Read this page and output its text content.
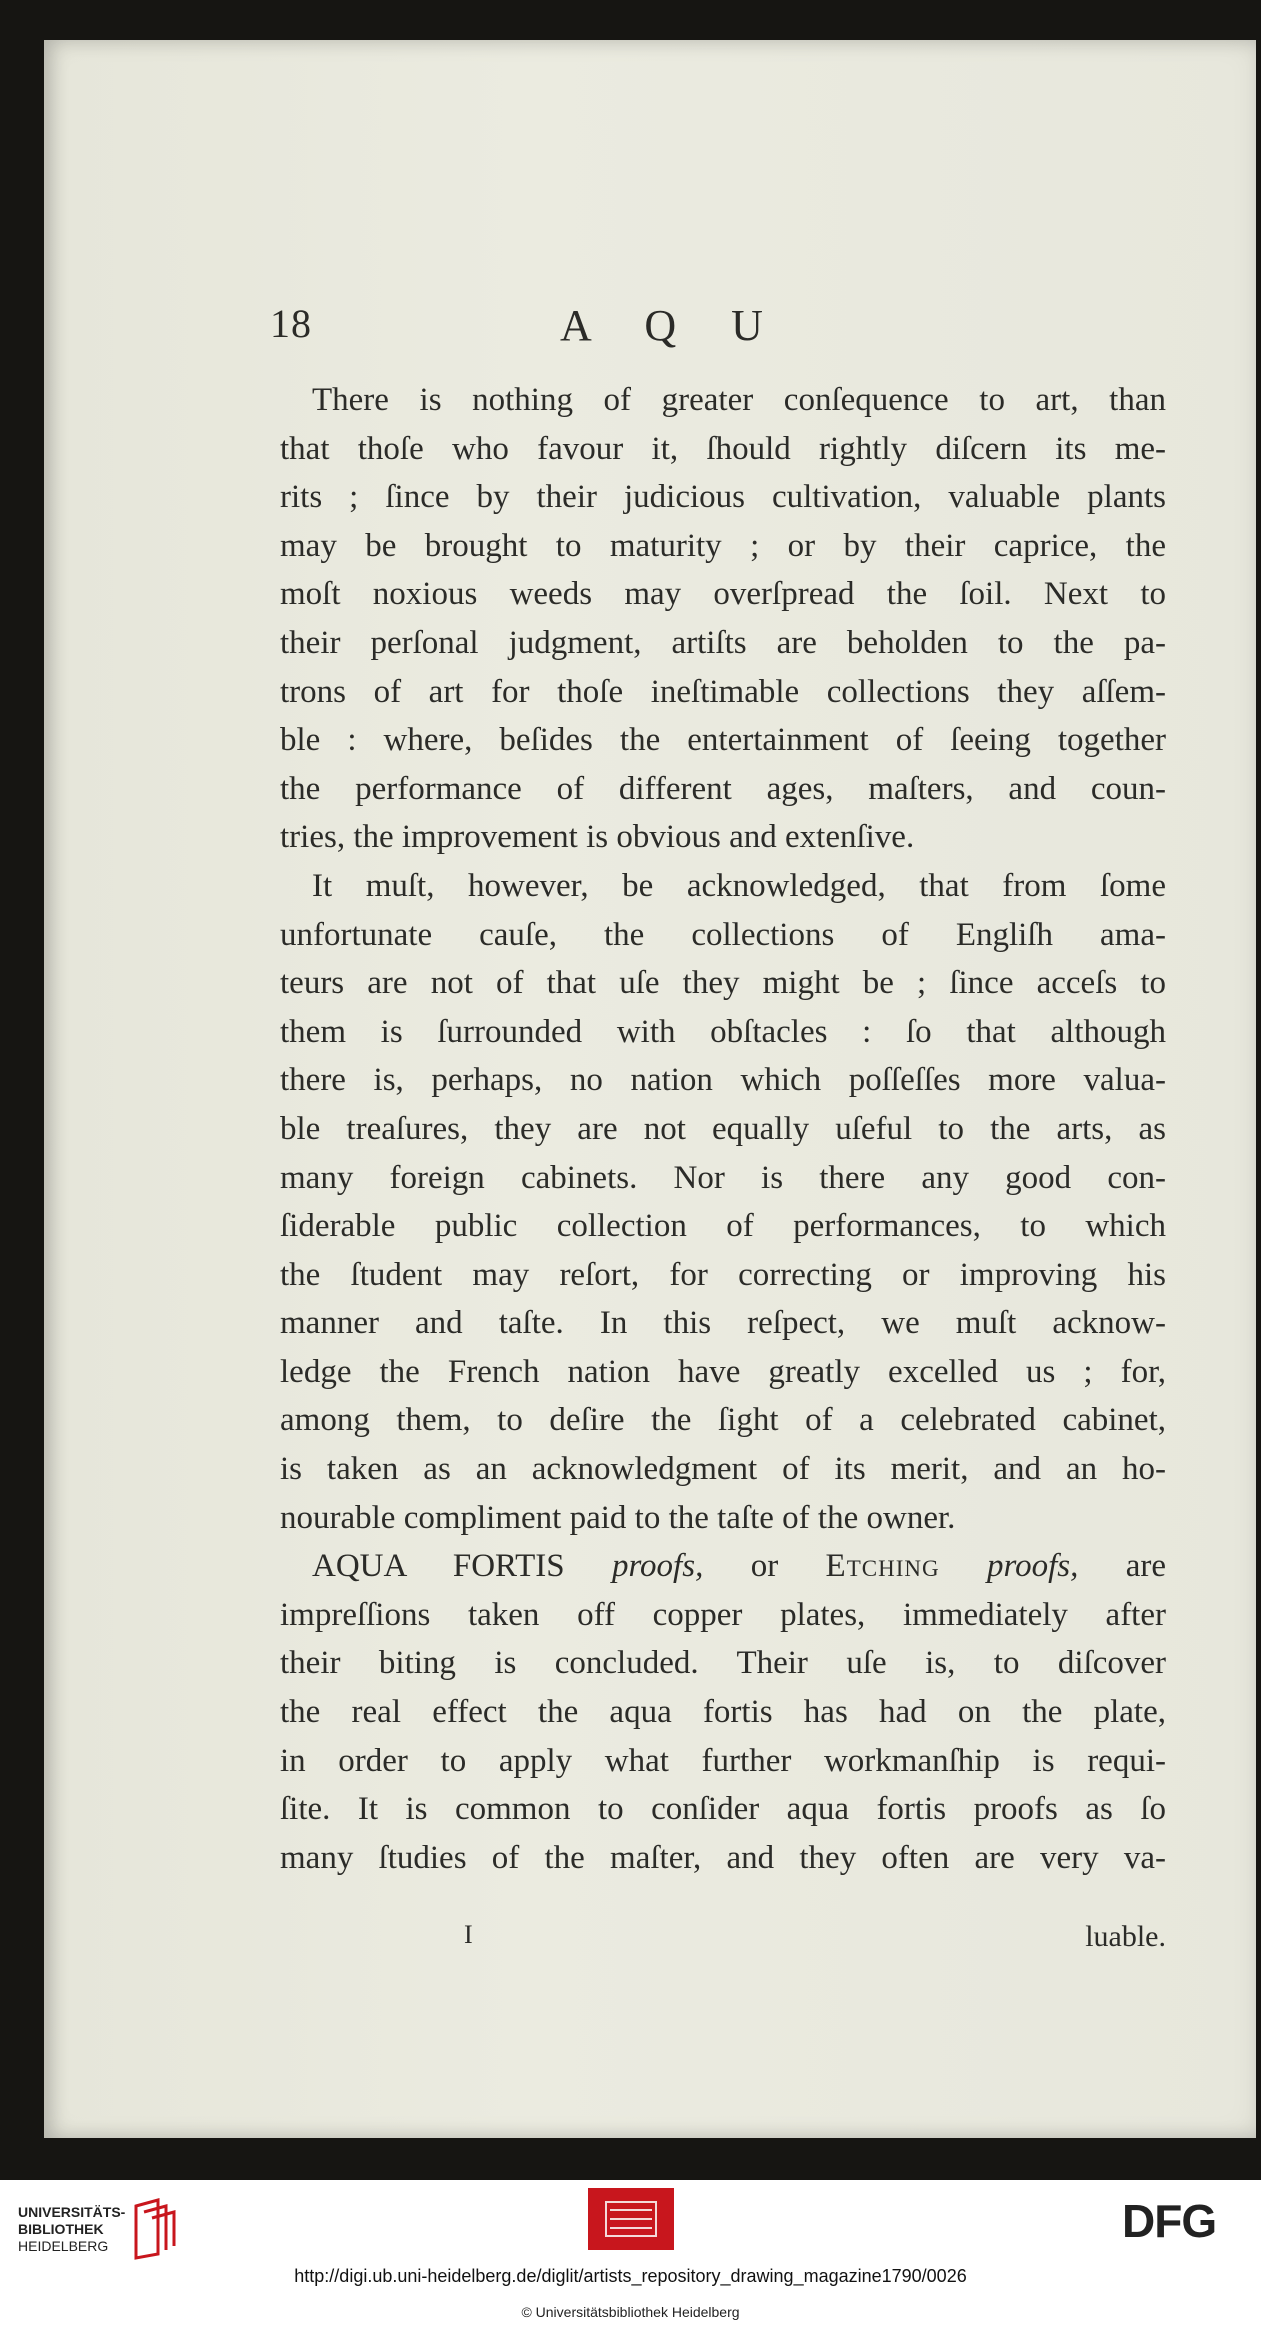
18	A Q U
There is nothing of greater conſequence to art, than
that thoſe who favour it, ſhould rightly diſcern its me-
rits ; ſince by their judicious cultivation, valuable plants
may be brought to maturity ; or by their caprice, the
moſt noxious weeds may overſpread the ſoil. Next to
their perſonal judgment, artiſts are beholden to the pa-
trons of art for thoſe ineſtimable collections they aſſem-
ble : where, beſides the entertainment of ſeeing together
the performance of different ages, maſters, and coun-
tries, the improvement is obvious and extenſive.
It muſt, however, be acknowledged, that from ſome
unfortunate cauſe, the collections of Engliſh ama-
teurs are not of that uſe they might be ; ſince acceſs to
them is ſurrounded with obſtacles : ſo that although
there is, perhaps, no nation which poſſeſſes more valua-
ble treaſures, they are not equally uſeful to the arts, as
many foreign cabinets. Nor is there any good con-
ſiderable public collection of performances, to which
the ſtudent may reſort, for correcting or improving his
manner and taſte. In this reſpect, we muſt acknow-
ledge the French nation have greatly excelled us ; for,
among them, to deſire the ſight of a celebrated cabinet,
is taken as an acknowledgment of its merit, and an ho-
nourable compliment paid to the taſte of the owner.
AQUA FORTIS proofs, or Etching proofs, are
impreſſions taken off copper plates, immediately after
their biting is concluded. Their uſe is, to diſcover
the real effect the aqua fortis has had on the plate,
in order to apply what further workmanſhip is requi-
ſite. It is common to conſider aqua fortis proofs as ſo
many ſtudies of the maſter, and they often are very va-
I	luable.
UNIVERSITÄTS-
BIBLIOTHEK
HEIDELBERG	DFG
http://digi.ub.uni-heidelberg.de/diglit/artists_repository_drawing_magazine1790/0026
© Universitätsbibliothek Heidelberg
